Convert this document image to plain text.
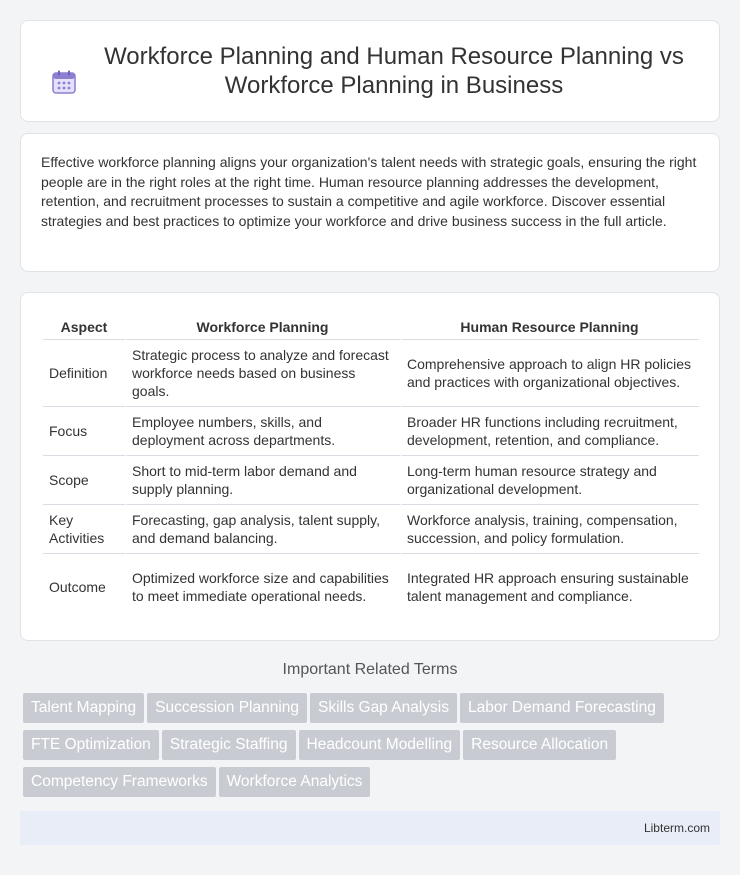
Workforce Planning and Human Resource Planning vs Workforce Planning in Business

Effective workforce planning aligns your organization's talent needs with strategic goals, ensuring the right people are in the right roles at the right time. Human resource planning addresses the development, retention, and recruitment processes to sustain a competitive and agile workforce. Discover essential strategies and best practices to optimize your workforce and drive business success in the full article.

Aspect	Workforce Planning	Human Resource Planning
Definition	Strategic process to analyze and forecast workforce needs based on business goals.	Comprehensive approach to align HR policies and practices with organizational objectives.
Focus	Employee numbers, skills, and deployment across departments.	Broader HR functions including recruitment, development, retention, and compliance.
Scope	Short to mid-term labor demand and supply planning.	Long-term human resource strategy and organizational development.
Key Activities	Forecasting, gap analysis, talent supply, and demand balancing.	Workforce analysis, training, compensation, succession, and policy formulation.
Outcome	Optimized workforce size and capabilities to meet immediate operational needs.	Integrated HR approach ensuring sustainable talent management and compliance.
Important Related Terms
Talent Mapping	Succession Planning	Skills Gap Analysis	Labor Demand Forecasting
FTE Optimization	Strategic Staffing	Headcount Modelling	Resource Allocation
Competency Frameworks	Workforce Analytics
Libterm.com
